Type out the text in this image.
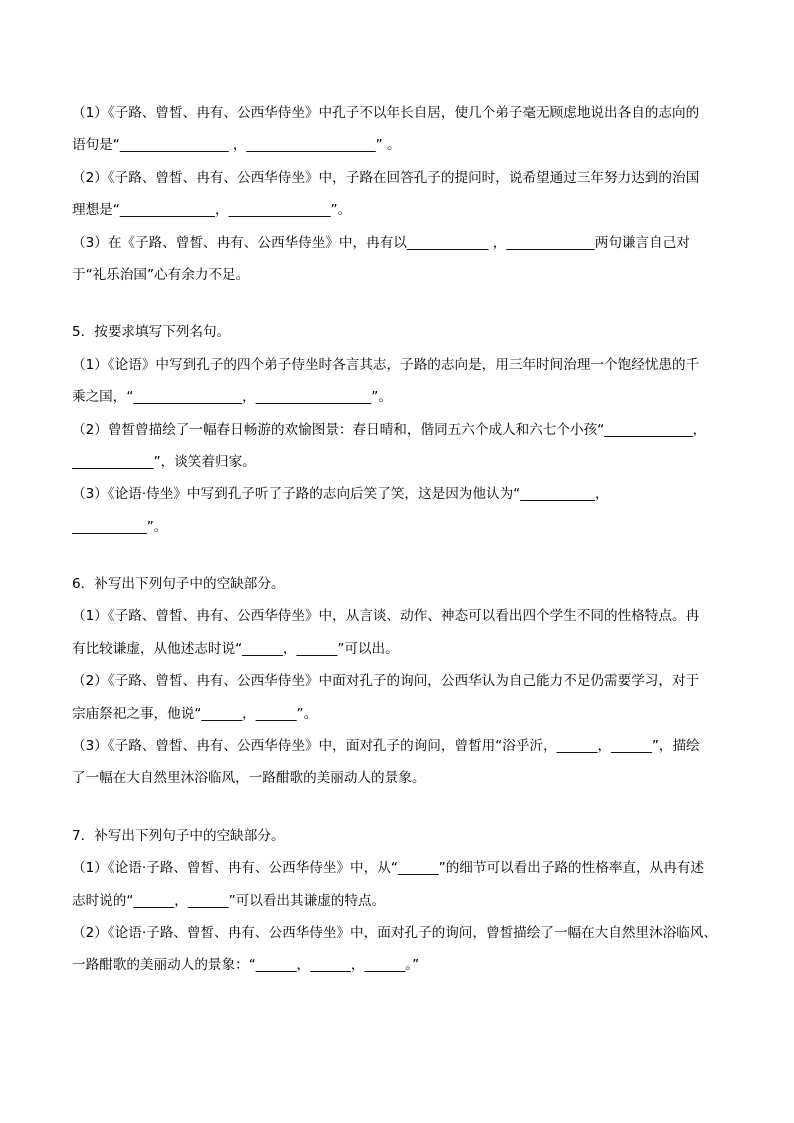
（1）《子路、曾皙、冉有、公西华侍坐》中孔子不以年长自居，使几个弟子毫无顾虑地说出各自的志向的
语句是“________________ ，___________________” 。
（2）《子路、曾皙、冉有、公西华侍坐》中，子路在回答孔子的提问时，说希望通过三年努力达到的治国
理想是“______________，_______________”。
（3）在《子路、曾皙、冉有、公西华侍坐》中，冉有以____________ ，_____________两句谦言自己对
于“礼乐治国”心有余力不足。
5．按要求填写下列名句。
（1）《论语》中写到孔子的四个弟子侍坐时各言其志，子路的志向是，用三年时间治理一个饱经忧患的千
乘之国，“________________，_________________”。
（2）曾皙曾描绘了一幅春日畅游的欢愉图景：春日晴和，偕同五六个成人和六七个小孩“_____________，
____________”，谈笑着归家。
（3）《论语·侍坐》中写到孔子听了子路的志向后笑了笑，这是因为他认为“___________，
___________”。
6．补写出下列句子中的空缺部分。
（1）《子路、曾皙、冉有、公西华侍坐》中，从言谈、动作、神态可以看出四个学生不同的性格特点。冉
有比较谦虚，从他述志时说“______，______”可以出。
（2）《子路、曾皙、冉有、公西华侍坐》中面对孔子的询问，公西华认为自己能力不足仍需要学习，对于
宗庙祭祀之事，他说“______，______”。
（3）《子路、曾皙、冉有、公西华侍坐》中，面对孔子的询问，曾皙用“浴乎沂，______，______”，描绘
了一幅在大自然里沐浴临风，一路酣歌的美丽动人的景象。
7．补写出下列句子中的空缺部分。
（1）《论语·子路、曾皙、冉有、公西华侍坐》中，从“______”的细节可以看出子路的性格率直，从冉有述
志时说的“______，______”可以看出其谦虚的特点。
（2）《论语·子路、曾皙、冉有、公西华侍坐》中，面对孔子的询问，曾皙描绘了一幅在大自然里沐浴临风、
一路酣歌的美丽动人的景象：“______，______，______。”
